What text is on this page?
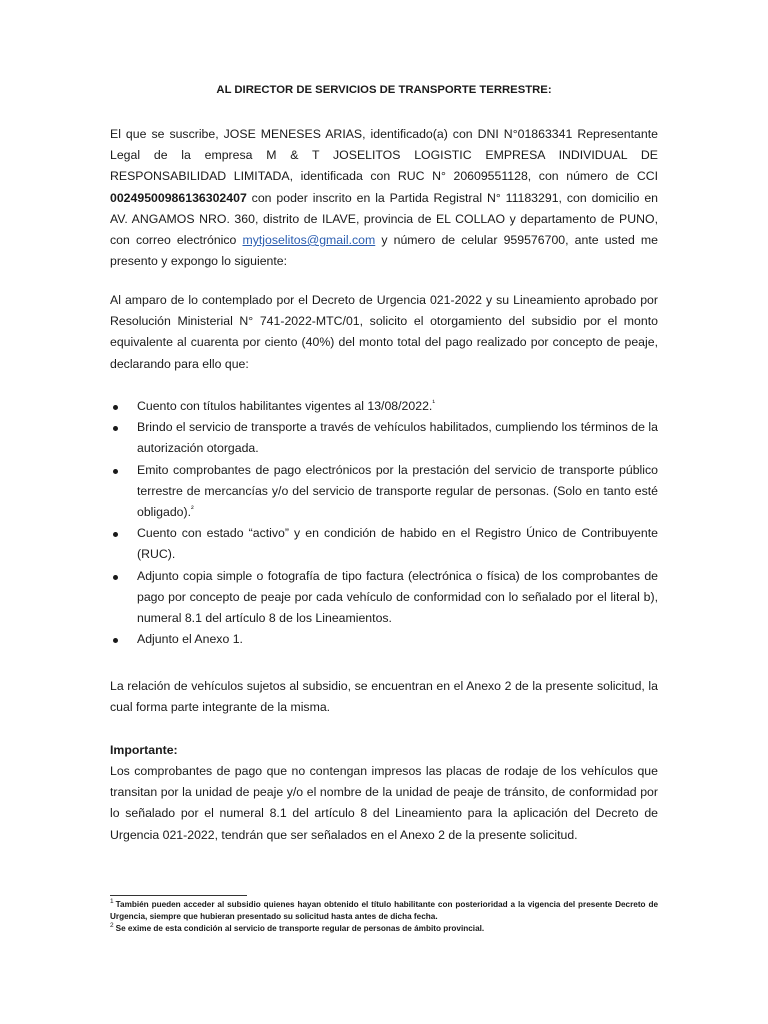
AL DIRECTOR DE SERVICIOS DE TRANSPORTE TERRESTRE:

El que se suscribe, JOSE MENESES ARIAS, identificado(a) con DNI N°01863341 Representante Legal de la empresa M & T JOSELITOS LOGISTIC EMPRESA INDIVIDUAL DE RESPONSABILIDAD LIMITADA, identificada con RUC N° 20609551128, con número de CCI 00249500986136302407 con poder inscrito en la Partida Registral N° 11183291, con domicilio en AV. ANGAMOS NRO. 360, distrito de ILAVE, provincia de EL COLLAO y departamento de PUNO, con correo electrónico mytjoselitos@gmail.com y número de celular 959576700, ante usted me presento y expongo lo siguiente:

Al amparo de lo contemplado por el Decreto de Urgencia 021-2022 y su Lineamiento aprobado por Resolución Ministerial N° 741-2022-MTC/01, solicito el otorgamiento del subsidio por el monto equivalente al cuarenta por ciento (40%) del monto total del pago realizado por concepto de peaje, declarando para ello que:

Cuento con títulos habilitantes vigentes al 13/08/2022.$^{^1}$
Brindo el servicio de transporte a través de vehículos habilitados, cumpliendo los términos de la autorización otorgada.
Emito comprobantes de pago electrónicos por la prestación del servicio de transporte público terrestre de mercancías y/o del servicio de transporte regular de personas. (Solo en tanto esté obligado).$^{^2}$
Cuento con estado “activo” y en condición de habido en el Registro Único de Contribuyente (RUC).
Adjunto copia simple o fotografía de tipo factura (electrónica o física) de los comprobantes de pago por concepto de peaje por cada vehículo de conformidad con lo señalado por el literal b), numeral 8.1 del artículo 8 de los Lineamientos.
Adjunto el Anexo 1.

La relación de vehículos sujetos al subsidio, se encuentran en el Anexo 2 de la presente solicitud, la cual forma parte integrante de la misma.

Importante:

Los comprobantes de pago que no contengan impresos las placas de rodaje de los vehículos que transitan por la unidad de peaje y/o el nombre de la unidad de peaje de tránsito, de conformidad por lo señalado por el numeral 8.1 del artículo 8 del Lineamiento para la aplicación del Decreto de Urgencia 021-2022, tendrán que ser señalados en el Anexo 2 de la presente solicitud.

$^1$ También pueden acceder al subsidio quienes hayan obtenido el título habilitante con posterioridad a la vigencia del presente Decreto de Urgencia, siempre que hubieran presentado su solicitud hasta antes de dicha fecha.
$^2$ Se exime de esta condición al servicio de transporte regular de personas de ámbito provincial.
